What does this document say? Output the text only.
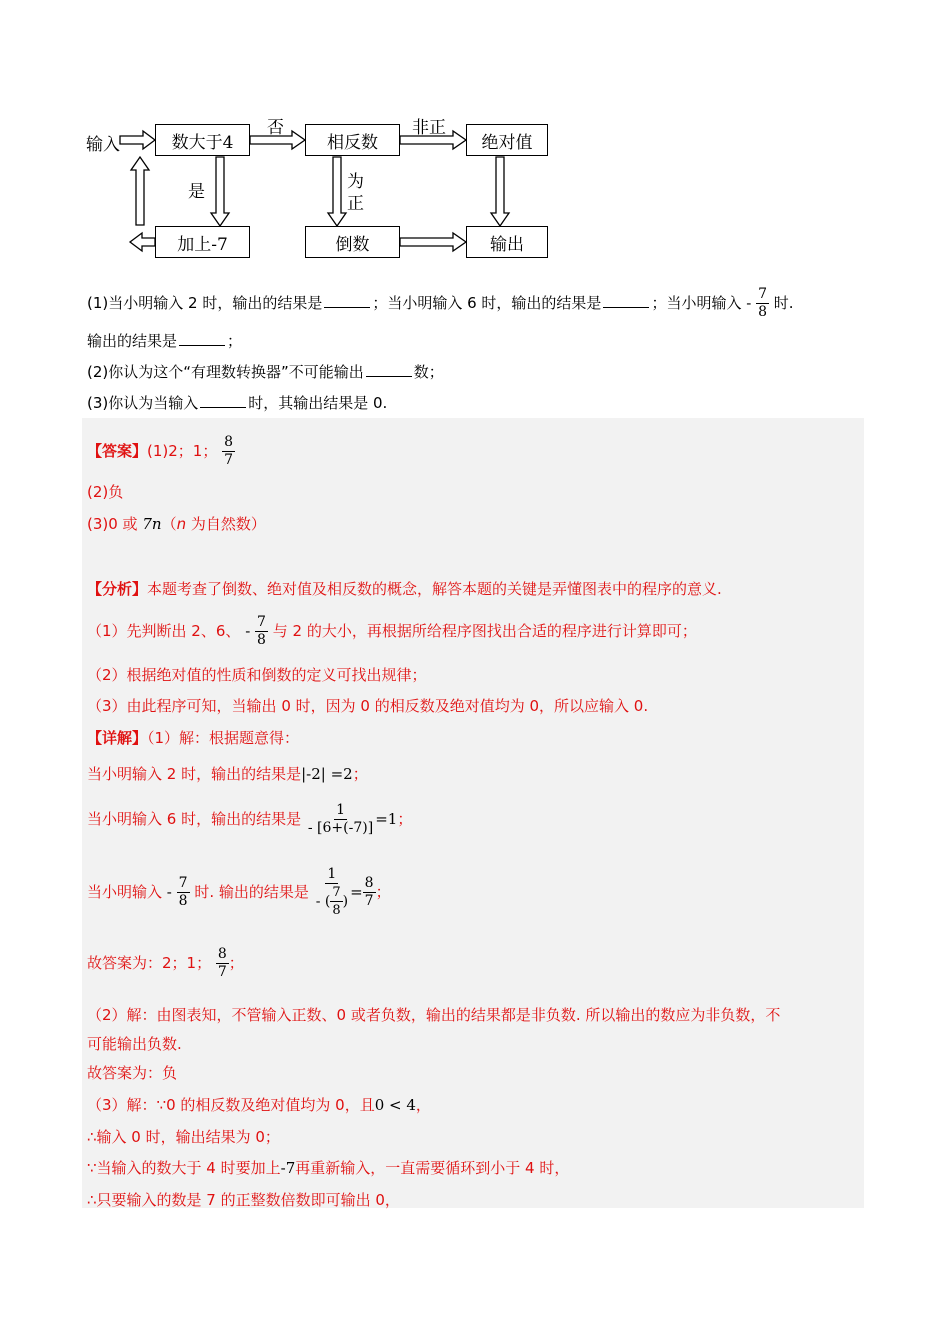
输入	数大于4	相反数	绝对值
加上-7	倒数	输出
否	非正
是	为
正
(1)当小明输入 2 时，输出的结果是	；当小明输入 6 时，输出的结果是	；当小明输入 - $\frac{7}{8}$ 时.
输出的结果是	；
(2)你认为这个“有理数转换器”不可能输出	数；
(3)你认为当输入	时，其输出结果是 0.
【答案】(1)2；1； $\frac{8}{7}$
(2)负
(3)0 或 7n（n 为自然数）
【分析】本题考查了倒数、绝对值及相反数的概念，解答本题的关键是弄懂图表中的程序的意义.
（1）先判断出 2、6、 - $\frac{7}{8}$ 与 2 的大小，再根据所给程序图找出合适的程序进行计算即可；
（2）根据绝对值的性质和倒数的定义可找出规律；
（3）由此程序可知，当输出 0 时，因为 0 的相反数及绝对值均为 0，所以应输入 0.
【详解】（1）解：根据题意得：
当小明输入 2 时，输出的结果是|-2| =2；
当小明输入 6 时，输出的结果是 $\frac{1}{- [6+(-7)]} =1$；
当小明输入 - $\frac{7}{8}$ 时. 输出的结果是 $\frac{1}{- ( \frac{7}{8} )} = \frac{8}{7}$ ；
故答案为：2；1； $\frac{8}{7}$ ；
（2）解：由图表知，不管输入正数、0 或者负数，输出的结果都是非负数. 所以输出的数应为非负数，不
可能输出负数.
故答案为：负
（3）解：∵0 的相反数及绝对值均为 0，且0 < 4，
∴输入 0 时，输出结果为 0；
∵当输入的数大于 4 时要加上-7再重新输入，一直需要循环到小于 4 时，
∴只要输入的数是 7 的正整数倍数即可输出 0，
